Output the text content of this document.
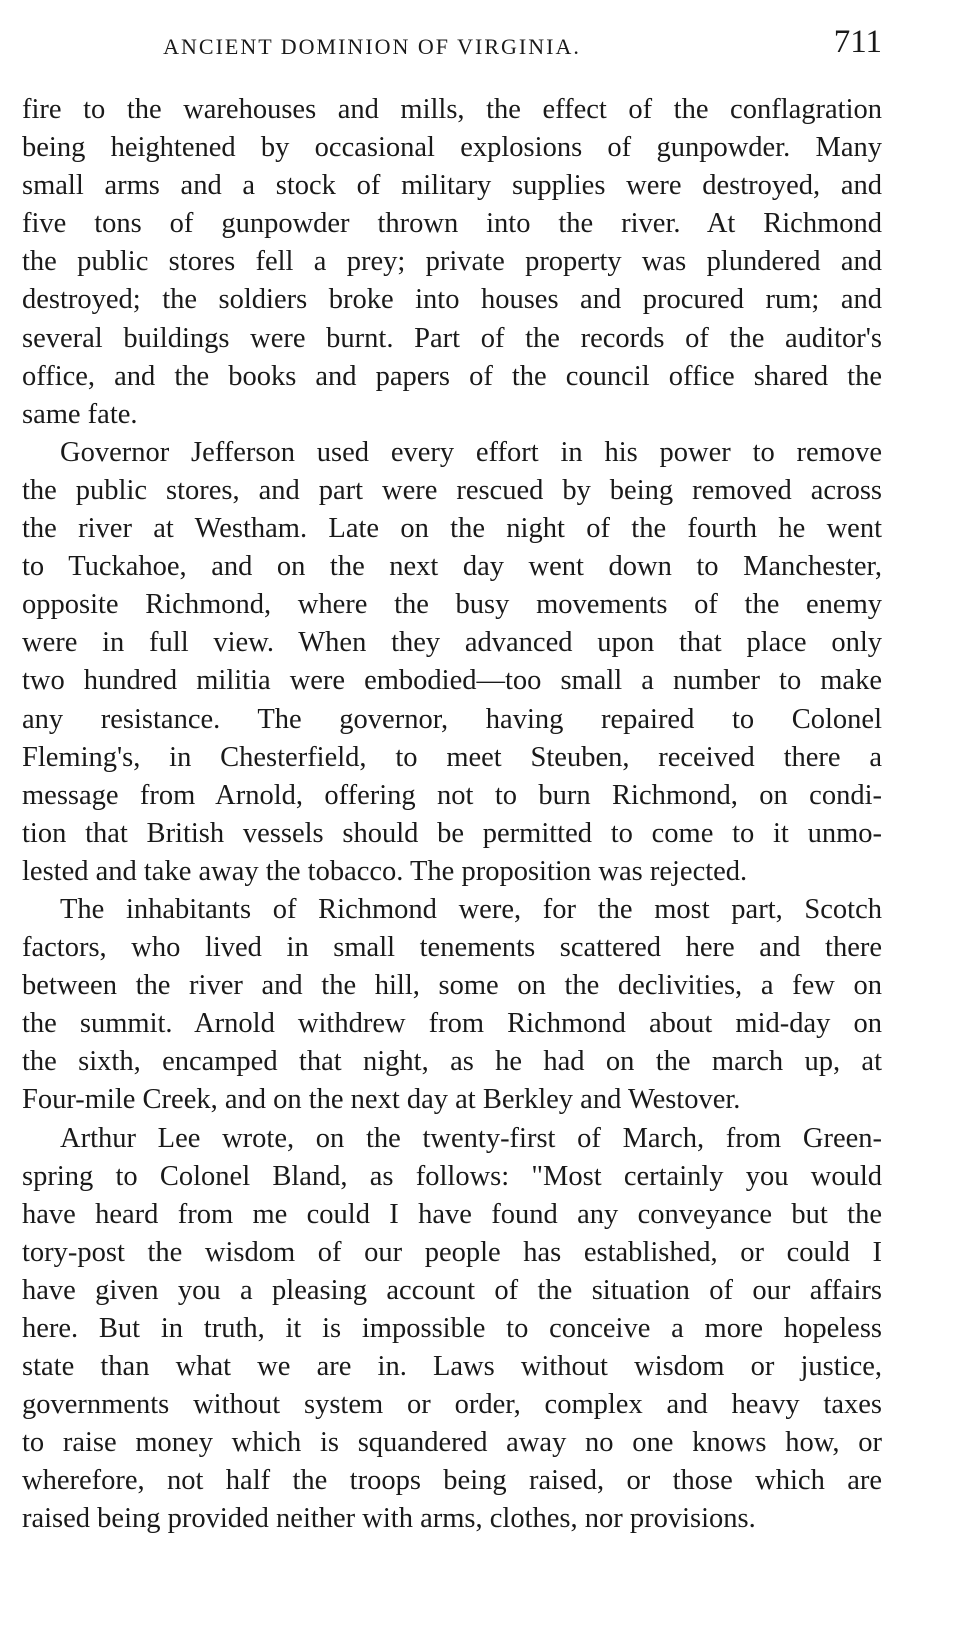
ANCIENT DOMINION OF VIRGINIA.	711
fire to the warehouses and mills, the effect of the conflagration
being heightened by occasional explosions of gunpowder. Many
small arms and a stock of military supplies were destroyed, and
five tons of gunpowder thrown into the river. At Richmond
the public stores fell a prey; private property was plundered and
destroyed; the soldiers broke into houses and procured rum; and
several buildings were burnt. Part of the records of the auditor's
office, and the books and papers of the council office shared the
same fate.
Governor Jefferson used every effort in his power to remove
the public stores, and part were rescued by being removed across
the river at Westham. Late on the night of the fourth he went
to Tuckahoe, and on the next day went down to Manchester,
opposite Richmond, where the busy movements of the enemy
were in full view. When they advanced upon that place only
two hundred militia were embodied—too small a number to make
any resistance. The governor, having repaired to Colonel
Fleming's, in Chesterfield, to meet Steuben, received there a
message from Arnold, offering not to burn Richmond, on condi-
tion that British vessels should be permitted to come to it unmo-
lested and take away the tobacco. The proposition was rejected.
The inhabitants of Richmond were, for the most part, Scotch
factors, who lived in small tenements scattered here and there
between the river and the hill, some on the declivities, a few on
the summit. Arnold withdrew from Richmond about mid-day on
the sixth, encamped that night, as he had on the march up, at
Four-mile Creek, and on the next day at Berkley and Westover.
Arthur Lee wrote, on the twenty-first of March, from Green-
spring to Colonel Bland, as follows: "Most certainly you would
have heard from me could I have found any conveyance but the
tory-post the wisdom of our people has established, or could I
have given you a pleasing account of the situation of our affairs
here. But in truth, it is impossible to conceive a more hopeless
state than what we are in. Laws without wisdom or justice,
governments without system or order, complex and heavy taxes
to raise money which is squandered away no one knows how, or
wherefore, not half the troops being raised, or those which are
raised being provided neither with arms, clothes, nor provisions.
